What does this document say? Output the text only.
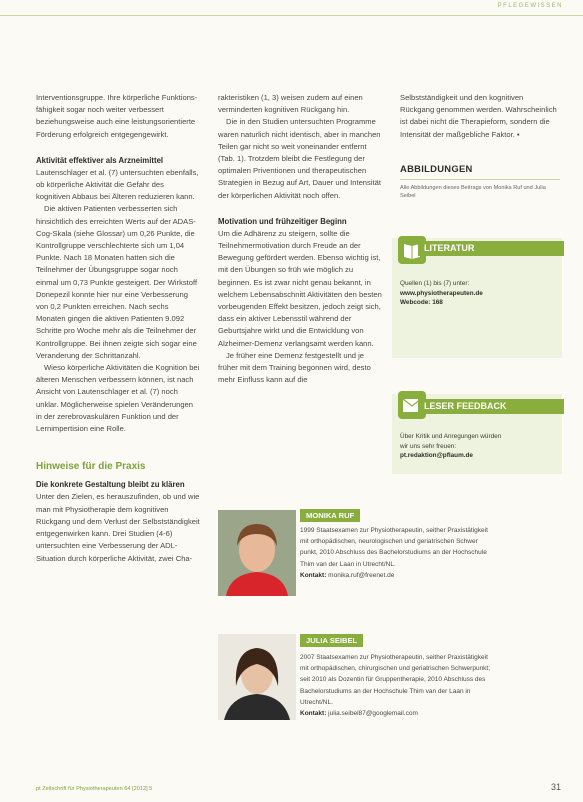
PFLEGEWISSEN

Interventionsgruppe. Ihre körperliche Funktionsfähigkeit sogar noch weiter verbessert beziehungsweise auch eine leistungsorientierte Förderung erfolgreich entgegengewirkt.

Aktivität effektiver als Arzneimittel

Lautenschlager et al. (7) untersuchten ebenfalls, ob körperliche Aktivität die Gefahr des kognitiven Abbaus bei Älteren reduzieren kann.

Die aktiven Patienten verbesserten sich hinsichtlich des erreichten Werts auf der ADAS-Cog-Skala (siehe Glossar) um 0,26 Punkte, die Kontrollgruppe verschlechterte sich um 1,04 Punkte. Nach 18 Monaten hatten sich die Teilnehmer der Übungsgruppe sogar noch einmal um 0,73 Punkte gesteigert. Der Wirkstoff Donepezil konnte hier nur eine Verbesserung von 0,2 Punkten erreichen. Nach sechs Monaten gingen die aktiven Patienten 9.092 Schritte pro Woche mehr als die Teilnehmer der Kontrollgruppe. Bei ihnen zeigte sich sogar eine Veranderung der Schrittanzahl.

Wieso körperliche Aktivitäten die Kognition bei älteren Menschen verbessern können, ist nach Ansicht von Lautenschlager et al. (7) noch unklar. Möglicherweise spielen Veränderungen in der zerebrovaskulären Funktion und der Lernimpertision eine Rolle.

Hinweise für die Praxis
Die konkrete Gestaltung bleibt zu klären

Unter den Zielen, es herauszufinden, ob und wie man mit Physiotherapie dem kognitiven Rückgang und dem Verlust der Selbstständigkeit entgegenwirken kann. Drei Studien (4-6) untersuchten eine Verbesserung der ADL-Situation durch körperliche Aktivität, zwei Cha-

rakteristiken (1, 3) weisen zudem auf einen verminderten kognitiven Rückgang hin.

Die in den Studien untersuchten Programme waren naturlich nicht identisch, aber in manchen Teilen gar nicht so weit voneinander entfernt (Tab. 1). Trotzdem bleibt die Festlegung der optimalen Priventionen und therapeutischen Strategien in Bezug auf Art, Dauer und Intensität der körperlichen Aktivität noch offen.

Motivation und frühzeitiger Beginn

Um die Adhärenz zu steigern, sollte die Teilnehmermotivation durch Freude an der Bewegung gefördert werden. Ebenso wichtig ist, mit den Übungen so früh wie möglich zu beginnen. Es ist zwar nicht genau bekannt, in welchem Lebensabschnitt Aktivitäten den besten vorbeugenden Effekt besitzen, jedoch zeigt sich, dass ein aktiver Lebensstil während der Geburtsjahre wirkt und die Entwicklung von Alzheimer-Demenz verlangsamt werden kann.

Je früher eine Demenz festgestellt und je früher mit dem Training begonnen wird, desto mehr Einfluss kann auf die

Selbstständigkeit und den kognitiven Rückgang genommen werden. Wahrscheinlich ist dabei nicht die Therapieform, sondern die Intensität der maßgebliche Faktor. ▪

ABBILDUNGEN
Alle Abbildungen dieses Beitrags von Monika Ruf und Julia Seibel
LITERATUR
Quellen (1) bis (7) unter:
www.physiotherapeuten.de
Webcode: 168
LESER FEEDBACK
Über Kritik und Anregungen würden
wir uns sehr freuen:
pt.redaktion@pflaum.de
MONIKA RUF
1999 Staatsexamen zur Physiotherapeutin, seither Praxistätigkeit
mit orthopädischen, neurologischen und geriatrischen Schwer
punkt, 2010 Abschluss des Bachelorstudiums an der Hochschule
Thim van der Laan in Utrecht/NL.
Kontakt: monika.ruf@freenet.de
JULIA SEIBEL
2007 Staatsexamen zur Physiotherapeutin, seither Praxistätigkeit
mit orthopädischen, chirurgischen und geriatrischen Schwerpunkt;
seit 2010 als Dozentin für Gruppentherapie, 2010 Abschluss des
Bachelorstudiums an der Hochschule Thim van der Laan in
Utrecht/NL.
Kontakt: julia.seibel87@googlemail.com
pt Zeitschrift für Physiotherapeuten 64 [2012] 5	31
